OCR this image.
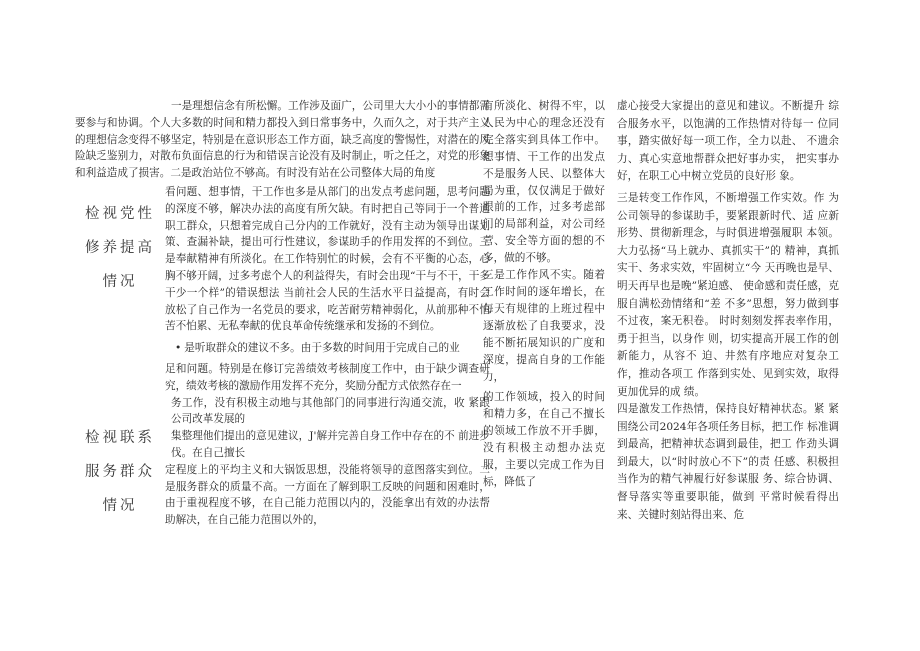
检视党性
修养提高
情况
检视联系
服务群众
情况

一是理想信念有所松懈。工作涉及面广，公司里大大小小的事情都需要参与和协调。个人大多数的时间和精力都投入到日常事务中，久而久之，对于共产主义的理想信念变得不够坚定，特别是在意识形态工作方面，缺乏高度的警惕性，对潜在的风险缺乏鉴别力，对散布负面信息的行为和错误言论没有及时制止，听之任之，对党的形象和利益造成了损害。二是政治站位不够高。有时没有站在公司整体大局的角度

看问题、想事情，干工作也多是从部门的出发点考虑问题，思考问题的深度不够，解决办法的高度有所欠缺。有时把自己等同于一个普通职工群众，只想着完成自己分内的工作就好，没有主动为领导出谋划策、查漏补缺，提出可行性建议，参谋助手的作用发挥的不到位。三是奉献精神有所淡化。在工作特别忙的时候，会有不平衡的心态，心胸不够开阔，过多考虑个人的利益得失，有时会出现“干与不干，干多干少一个样”的错误想法 当前社会人民的生活水平日益提高，有时会放松了自己作为一名党员的要求，吃苦耐劳精神弱化，从前那种不怕苦不怕累、无私奉献的优良革命传统继承和发扬的不到位。

• 是听取群众的建议不多。由于多数的时间用于完成自己的业

足和问题。特别是在修订完善绩效考核制度工作中，由于缺少调查研究，绩效考核的激励作用发挥不充分，奖励分配方式依然存在一

务工作，没有积极主动地与其他部门的同事进行沟通交流，收 紧跟公司改革发展的

集整理他们提出的意见建议，J'解并完善自身工作中存在的不 前进步伐。在自己擅长

定程度上的平均主义和大锅饭思想，没能将领导的意图落实到位。二是服务群众的质量不高。一方面在了解到职工反映的问题和困难时，由于重视程度不够，在自己能力范围以内的，没能拿出有效的办法帮助解决，在自己能力范围以外的，

有所淡化、树得不牢，以人民为中心的理念还没有完全落实到具体工作中。想事情、干工作的出发点不是服务人民、以整体大局为重，仅仅满足于做好眼前的工作，过多考虑部门的局部利益，对公司经营、安全等方面的想的不多，做的不够。

三是工作作风不实。随着工作时间的逐年增长，在每天有规律的上班过程中逐渐放松了自我要求，没能不断拓展知识的广度和深度，提高自身的工作能力，

的工作领域，投入的时间和精力多，在自己不擅长的领域工作放不开手脚，没有积极主动想办法克服，主要以完成工作为目标，降低了

虚心接受大家提出的意见和建议。不断提升 综合服务水平，以饱满的工作热情对待每一 位同事，踏实做好每一项工作，全力以赴、 不遗余力、真心实意地帮群众把好事办实， 把实事办好，在职工心中树立党员的良好形 象。

三是转变工作作风，不断增强工作实效。作 为公司领导的参谋助手，要紧跟新时代、适 应新形势、贯彻新理念，与时俱进增强履职 本领。大力弘扬“马上就办、真抓实干”的 精神，真抓实干、务求实效，牢固树立“今 天再晚也是早、明天再早也是晚”紧迫感、 使命感和责任感，克服自满松劲情绪和“差 不多”思想，努力做到事不过夜，案无积卷。 时时刻刻发挥表率作用，勇于担当，以身作 则，切实提高开展工作的创新能力，从容不 迫、井然有序地应对复杂工作，推动各项工 作落到实处、见到实效，取得更加优异的成 绩。

四是激发工作热情，保持良好精神状态。紧 紧围绕公司2024年各项任务目标，把工作 标准调到最高，把精神状态调到最佳，把工 作劲头调到最大，以“时时放心不下”的责 任感、积极担当作为的精气神履行好参谋服 务、综合协调、督导落实等重要职能，做到 平常时候看得出来、关键时刻站得出来、危
